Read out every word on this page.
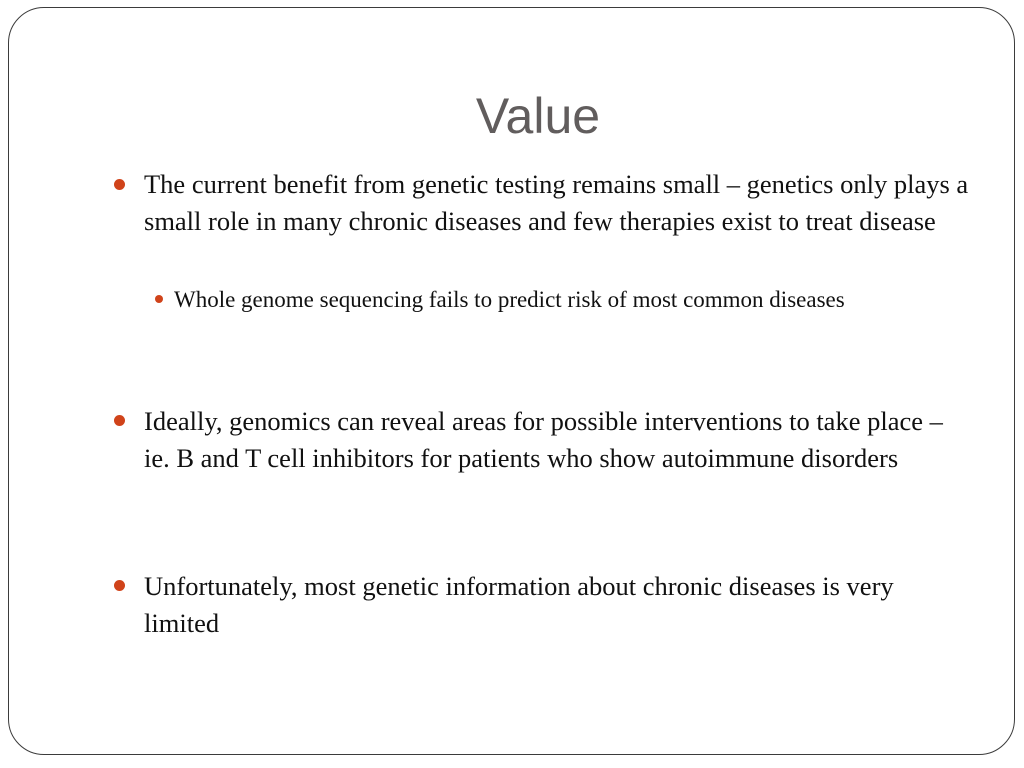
Value

The current benefit from genetic testing remains small – genetics only plays a small role in many chronic diseases and few therapies exist to treat disease

Whole genome sequencing fails to predict risk of most common diseases

Ideally, genomics can reveal areas for possible interventions to take place – ie. B and T cell inhibitors for patients who show autoimmune disorders

Unfortunately, most genetic information about chronic diseases is very limited
